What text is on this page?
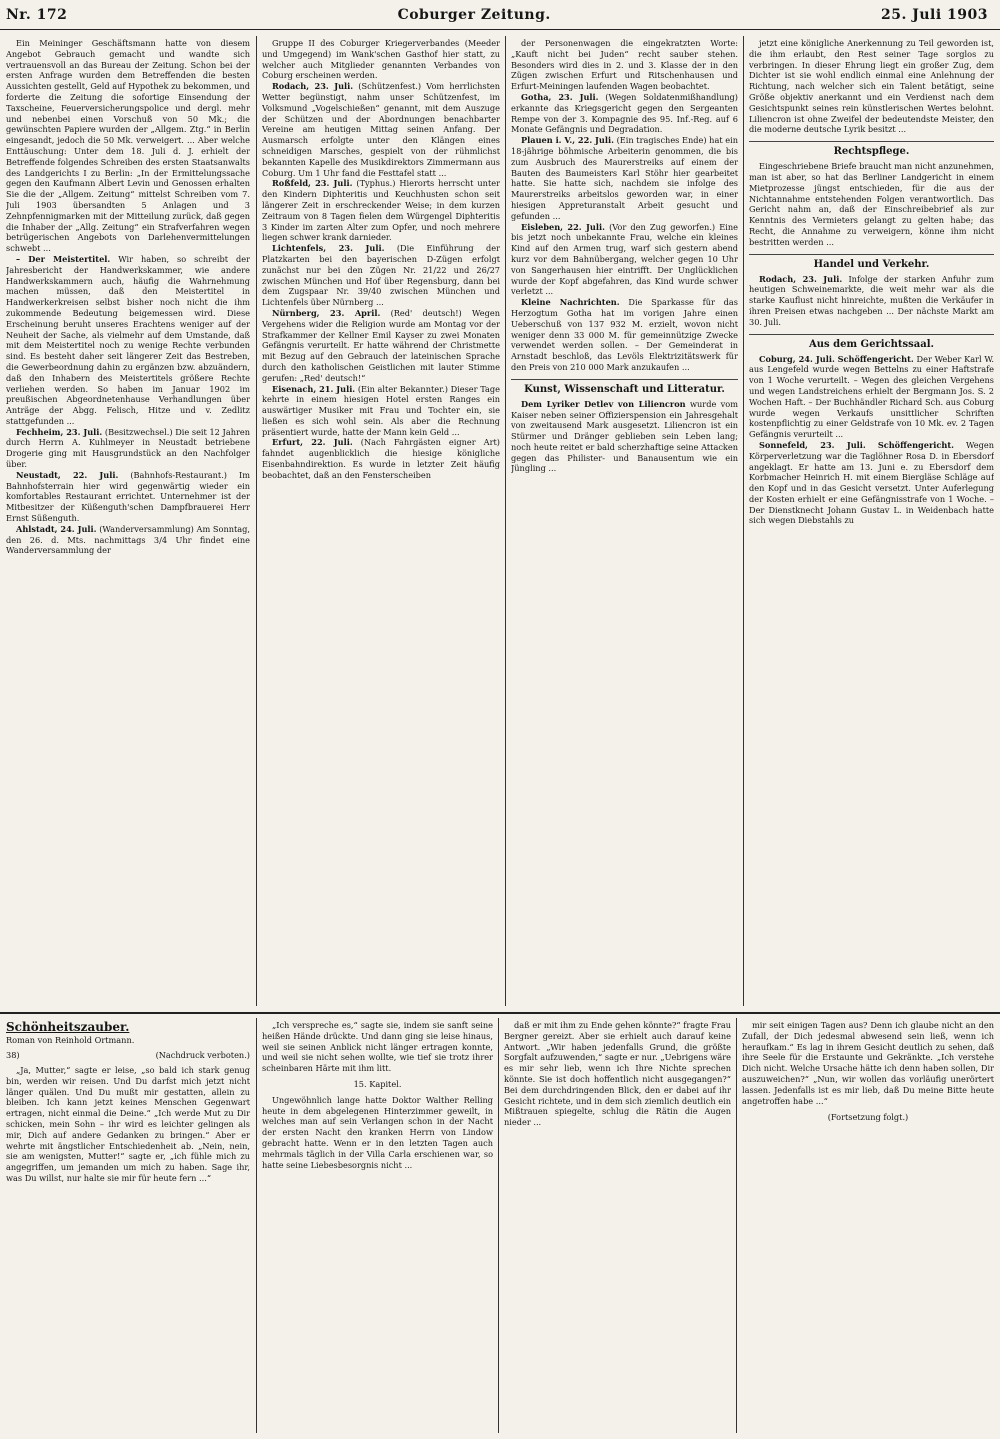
Nr. 172	Coburger Zeitung.	25. Juli 1903

Ein Meininger Geschäftsmann hatte von diesem Angebot Gebrauch gemacht und wandte sich vertrauensvoll an das Bureau der Zeitung. Schon bei der ersten Anfrage wurden dem Betreffenden die besten Aussichten gestellt, Geld auf Hypothek zu bekommen, und forderte die Zeitung die sofortige Einsendung der Taxscheine, Feuerversicherungspolice und dergl. mehr und nebenbei einen Vorschuß von 50 Mk.; die gewünschten Papiere wurden der „Allgem. Ztg.“ in Berlin eingesandt, jedoch die 50 Mk. verweigert. ... Aber welche Enttäuschung: Unter dem 18. Juli d. J. erhielt der Betreffende folgendes Schreiben des ersten Staatsanwalts des Landgerichts I zu Berlin: „In der Ermittelungssache gegen den Kaufmann Albert Levin und Genossen erhalten Sie die der „Allgem. Zeitung“ mittelst Schreiben vom 7. Juli 1903 übersandten 5 Anlagen und 3 Zehnpfennigmarken mit der Mitteilung zurück, daß gegen die Inhaber der „Allg. Zeitung“ ein Strafverfahren wegen betrügerischen Angebots von Darlehenvermittelungen schwebt ...

– Der Meistertitel. Wir haben, so schreibt der Jahresbericht der Handwerkskammer, wie andere Handwerkskammern auch, häufig die Wahrnehmung machen müssen, daß den Meistertitel in Handwerkerkreisen selbst bisher noch nicht die ihm zukommende Bedeutung beigemessen wird. Diese Erscheinung beruht unseres Erachtens weniger auf der Neuheit der Sache, als vielmehr auf dem Umstande, daß mit dem Meistertitel noch zu wenige Rechte verbunden sind. Es besteht daher seit längerer Zeit das Bestreben, die Gewerbeordnung dahin zu ergänzen bzw. abzuändern, daß den Inhabern des Meistertitels größere Rechte verliehen werden. So haben im Januar 1902 im preußischen Abgeordnetenhause Verhandlungen über Anträge der Abgg. Felisch, Hitze und v. Zedlitz stattgefunden ...

Fechheim, 23. Juli. (Besitzwechsel.) Die seit 12 Jahren durch Herrn A. Kuhlmeyer in Neustadt betriebene Drogerie ging mit Hausgrundstück an den Nachfolger über.

Neustadt, 22. Juli. (Bahnhofs-Restaurant.) Im Bahnhofsterrain hier wird gegenwärtig wieder ein komfortables Restaurant errichtet. Unternehmer ist der Mitbesitzer der Küßenguth'schen Dampfbrauerei Herr Ernst Süßenguth.

Ahlstadt, 24. Juli. (Wanderversammlung) Am Sonntag, den 26. d. Mts. nachmittags 3/4 Uhr findet eine Wanderversammlung der

Gruppe II des Coburger Kriegerverbandes (Meeder und Umgegend) im Wank'schen Gasthof hier statt, zu welcher auch Mitglieder genannten Verbandes von Coburg erscheinen werden.

Rodach, 23. Juli. (Schützenfest.) Vom herrlichsten Wetter begünstigt, nahm unser Schützenfest, im Volksmund „Vogelschießen“ genannt, mit dem Auszuge der Schützen und der Abordnungen benachbarter Vereine am heutigen Mittag seinen Anfang. Der Ausmarsch erfolgte unter den Klängen eines schneidigen Marsches, gespielt von der rühmlichst bekannten Kapelle des Musikdirektors Zimmermann aus Coburg. Um 1 Uhr fand die Festtafel statt ...

Roßfeld, 23. Juli. (Typhus.) Hierorts herrscht unter den Kindern Diphteritis und Keuchhusten schon seit längerer Zeit in erschreckender Weise; in dem kurzen Zeitraum von 8 Tagen fielen dem Würgengel Diphteritis 3 Kinder im zarten Alter zum Opfer, und noch mehrere liegen schwer krank darnieder.

Lichtenfels, 23. Juli. (Die Einführung der Platzkarten bei den bayerischen D-Zügen erfolgt zunächst nur bei den Zügen Nr. 21/22 und 26/27 zwischen München und Hof über Regensburg, dann bei dem Zugspaar Nr. 39/40 zwischen München und Lichtenfels über Nürnberg ...

Nürnberg, 23. April. (Red' deutsch!) Wegen Vergehens wider die Religion wurde am Montag vor der Strafkammer der Kellner Emil Kayser zu zwei Monaten Gefängnis verurteilt. Er hatte während der Christmette mit Bezug auf den Gebrauch der lateinischen Sprache durch den katholischen Geistlichen mit lauter Stimme gerufen: „Red' deutsch!“

Eisenach, 21. Juli. (Ein alter Bekannter.) Dieser Tage kehrte in einem hiesigen Hotel ersten Ranges ein auswärtiger Musiker mit Frau und Tochter ein, sie ließen es sich wohl sein. Als aber die Rechnung präsentiert wurde, hatte der Mann kein Geld ...

Erfurt, 22. Juli. (Nach Fahrgästen eigner Art) fahndet augenblicklich die hiesige königliche Eisenbahndirektion. Es wurde in letzter Zeit häufig beobachtet, daß an den Fensterscheiben

der Personenwagen die eingekratzten Worte: „Kauft nicht bei Juden“ recht sauber stehen. Besonders wird dies in 2. und 3. Klasse der in den Zügen zwischen Erfurt und Ritschenhausen und Erfurt-Meiningen laufenden Wagen beobachtet.

Gotha, 23. Juli. (Wegen Soldatenmißhandlung) erkannte das Kriegsgericht gegen den Sergeanten Rempe von der 3. Kompagnie des 95. Inf.-Reg. auf 6 Monate Gefängnis und Degradation.

Plauen i. V., 22. Juli. (Ein tragisches Ende) hat ein 18-jährige böhmische Arbeiterin genommen, die bis zum Ausbruch des Maurerstreiks auf einem der Bauten des Baumeisters Karl Stöhr hier gearbeitet hatte. Sie hatte sich, nachdem sie infolge des Maurerstreiks arbeitslos geworden war, in einer hiesigen Appreturanstalt Arbeit gesucht und gefunden ...

Eisleben, 22. Juli. (Vor den Zug geworfen.) Eine bis jetzt noch unbekannte Frau, welche ein kleines Kind auf den Armen trug, warf sich gestern abend kurz vor dem Bahnübergang, welcher gegen 10 Uhr von Sangerhausen hier eintrifft. Der Unglücklichen wurde der Kopf abgefahren, das Kind wurde schwer verletzt ...

Kleine Nachrichten. Die Sparkasse für das Herzogtum Gotha hat im vorigen Jahre einen Ueberschuß von 137 932 M. erzielt, wovon nicht weniger denn 33 000 M. für gemeinnützige Zwecke verwendet werden sollen. – Der Gemeinderat in Arnstadt beschloß, das Levöls Elektrizitätswerk für den Preis von 210 000 Mark anzukaufen ...

Kunst, Wissenschaft und Litteratur.

Dem Lyriker Detlev von Liliencron wurde vom Kaiser neben seiner Offizierspension ein Jahresgehalt von zweitausend Mark ausgesetzt. Liliencron ist ein Stürmer und Dränger geblieben sein Leben lang; noch heute reitet er bald scherzhaftige seine Attacken gegen das Philister- und Banausentum wie ein Jüngling ...

jetzt eine königliche Anerkennung zu Teil geworden ist, die ihm erlaubt, den Rest seiner Tage sorglos zu verbringen. In dieser Ehrung liegt ein großer Zug, dem Dichter ist sie wohl endlich einmal eine Anlehnung der Richtung, nach welcher sich ein Talent betätigt, seine Größe objektiv anerkannt und ein Verdienst nach dem Gesichtspunkt seines rein künstlerischen Wertes belohnt. Liliencron ist ohne Zweifel der bedeutendste Meister, den die moderne deutsche Lyrik besitzt ...

Rechtspflege.

Eingeschriebene Briefe braucht man nicht anzunehmen, man ist aber, so hat das Berliner Landgericht in einem Mietprozesse jüngst entschieden, für die aus der Nichtannahme entstehenden Folgen verantwortlich. Das Gericht nahm an, daß der Einschreibebrief als zur Kenntnis des Vermieters gelangt zu gelten habe; das Recht, die Annahme zu verweigern, könne ihm nicht bestritten werden ...

Handel und Verkehr.

Rodach, 23. Juli. Infolge der starken Anfuhr zum heutigen Schweinemarkte, die weit mehr war als die starke Kauflust nicht hinreichte, mußten die Verkäufer in ihren Preisen etwas nachgeben ... Der nächste Markt am 30. Juli.

Aus dem Gerichtssaal.

Coburg, 24. Juli. Schöffengericht. Der Weber Karl W. aus Lengefeld wurde wegen Bettelns zu einer Haftstrafe von 1 Woche verurteilt. – Wegen des gleichen Vergehens und wegen Landstreichens erhielt der Bergmann Jos. S. 2 Wochen Haft. – Der Buchhändler Richard Sch. aus Coburg wurde wegen Verkaufs unsittlicher Schriften kostenpflichtig zu einer Geldstrafe von 10 Mk. ev. 2 Tagen Gefängnis verurteilt ...

Sonnefeld, 23. Juli. Schöffengericht. Wegen Körperverletzung war die Taglöhner Rosa D. in Ebersdorf angeklagt. Er hatte am 13. Juni e. zu Ebersdorf dem Korbmacher Heinrich H. mit einem Biergläse Schläge auf den Kopf und in das Gesicht versetzt. Unter Auferlegung der Kosten erhielt er eine Gefängnisstrafe von 1 Woche. – Der Dienstknecht Johann Gustav L. in Weidenbach hatte sich wegen Diebstahls zu

Schönheitszauber.
Roman von Reinhold Ortmann.
38)	(Nachdruck verboten.)

„Ja, Mutter,“ sagte er leise, „so bald ich stark genug bin, werden wir reisen. Und Du darfst mich jetzt nicht länger quälen. Und Du mußt mir gestatten, allein zu bleiben. Ich kann jetzt keines Menschen Gegenwart ertragen, nicht einmal die Deine.“ „Ich werde Mut zu Dir schicken, mein Sohn – ihr wird es leichter gelingen als mir, Dich auf andere Gedanken zu bringen.“ Aber er wehrte mit ängstlicher Entschiedenheit ab. „Nein, nein, sie am wenigsten, Mutter!“ sagte er, „ich fühle mich zu angegriffen, um jemanden um mich zu haben. Sage ihr, was Du willst, nur halte sie mir für heute fern ...“

„Ich verspreche es,“ sagte sie, indem sie sanft seine heißen Hände drückte. Und dann ging sie leise hinaus, weil sie seinen Anblick nicht länger ertragen konnte, und weil sie nicht sehen wollte, wie tief sie trotz ihrer scheinbaren Härte mit ihm litt.

15. Kapitel.

Ungewöhnlich lange hatte Doktor Walther Relling heute in dem abgelegenen Hinterzimmer geweilt, in welches man auf sein Verlangen schon in der Nacht der ersten Nacht den kranken Herrn von Lindow gebracht hatte. Wenn er in den letzten Tagen auch mehrmals täglich in der Villa Carla erschienen war, so hatte seine Liebesbesorgnis nicht ...

daß er mit ihm zu Ende gehen könnte?“ fragte Frau Bergner gereizt. Aber sie erhielt auch darauf keine Antwort. „Wir haben jedenfalls Grund, die größte Sorgfalt aufzuwenden,“ sagte er nur. „Uebrigens wäre es mir sehr lieb, wenn ich Ihre Nichte sprechen könnte. Sie ist doch hoffentlich nicht ausgegangen?“ Bei dem durchdringenden Blick, den er dabei auf ihr Gesicht richtete, und in dem sich ziemlich deutlich ein Mißtrauen spiegelte, schlug die Rätin die Augen nieder ...

mir seit einigen Tagen aus? Denn ich glaube nicht an den Zufall, der Dich jedesmal abwesend sein ließ, wenn ich heraufkam.“ Es lag in ihrem Gesicht deutlich zu sehen, daß ihre Seele für die Erstaunte und Gekränkte. „Ich verstehe Dich nicht. Welche Ursache hätte ich denn haben sollen, Dir auszuweichen?“ „Nun, wir wollen das vorläufig unerörtert lassen. Jedenfalls ist es mir lieb, daß Du meine Bitte heute angetroffen habe ...“

(Fortsetzung folgt.)
